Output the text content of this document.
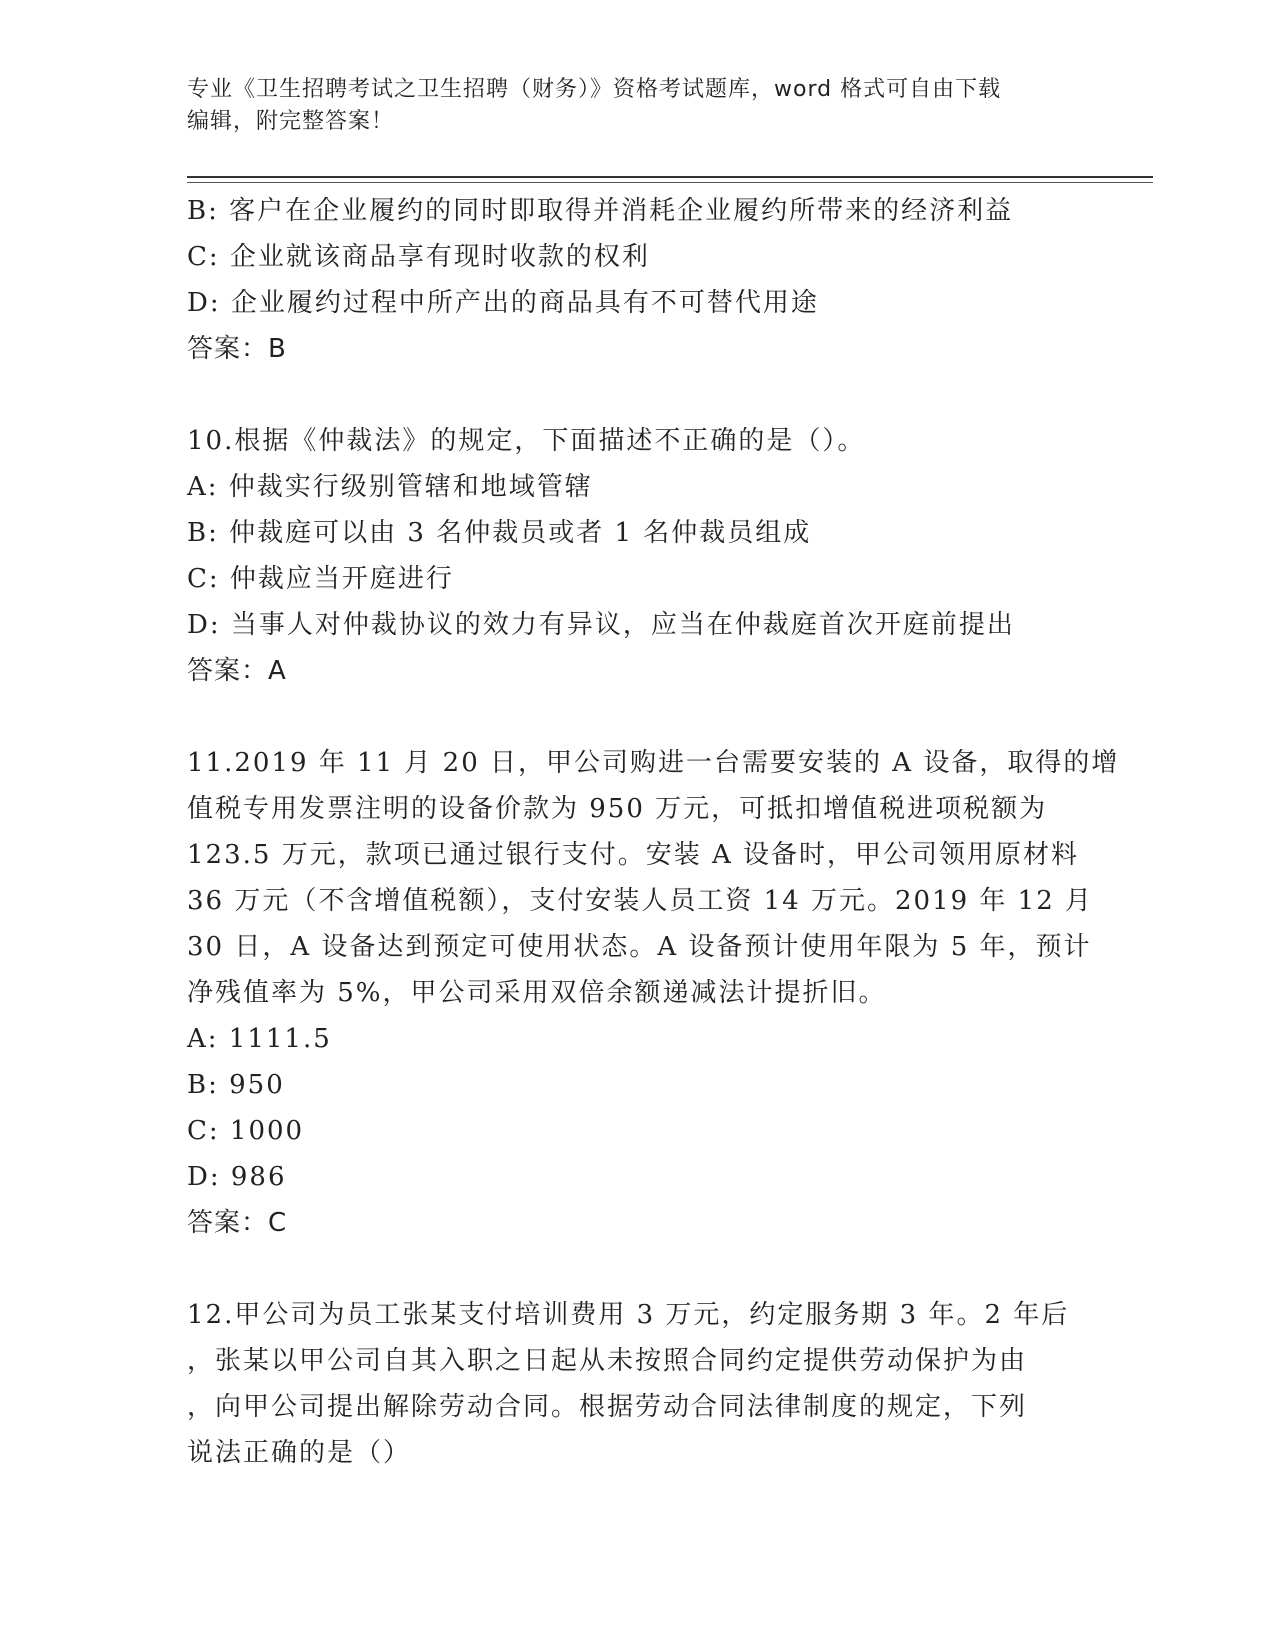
专业《卫生招聘考试之卫生招聘（财务）》资格考试题库，word 格式可自由下载
编辑，附完整答案！
B: 客户在企业履约的同时即取得并消耗企业履约所带来的经济利益
C: 企业就该商品享有现时收款的权利
D: 企业履约过程中所产出的商品具有不可替代用途
答案：B
10.根据《仲裁法》的规定，下面描述不正确的是（）。
A: 仲裁实行级别管辖和地域管辖
B: 仲裁庭可以由 3 名仲裁员或者 1 名仲裁员组成
C: 仲裁应当开庭进行
D: 当事人对仲裁协议的效力有异议，应当在仲裁庭首次开庭前提出
答案：A
11.2019 年 11 月 20 日，甲公司购进一台需要安装的 A 设备，取得的增
值税专用发票注明的设备价款为 950 万元，可抵扣增值税进项税额为
123.5 万元，款项已通过银行支付。安装 A 设备时，甲公司领用原材料
36 万元（不含增值税额），支付安装人员工资 14 万元。2019 年 12 月
30 日，A 设备达到预定可使用状态。A 设备预计使用年限为 5 年，预计
净残值率为 5%，甲公司采用双倍余额递减法计提折旧。
A: 1111.5
B: 950
C: 1000
D: 986
答案：C
12.甲公司为员工张某支付培训费用 3 万元，约定服务期 3 年。2 年后
，张某以甲公司自其入职之日起从未按照合同约定提供劳动保护为由
，向甲公司提出解除劳动合同。根据劳动合同法律制度的规定，下列
说法正确的是（）
